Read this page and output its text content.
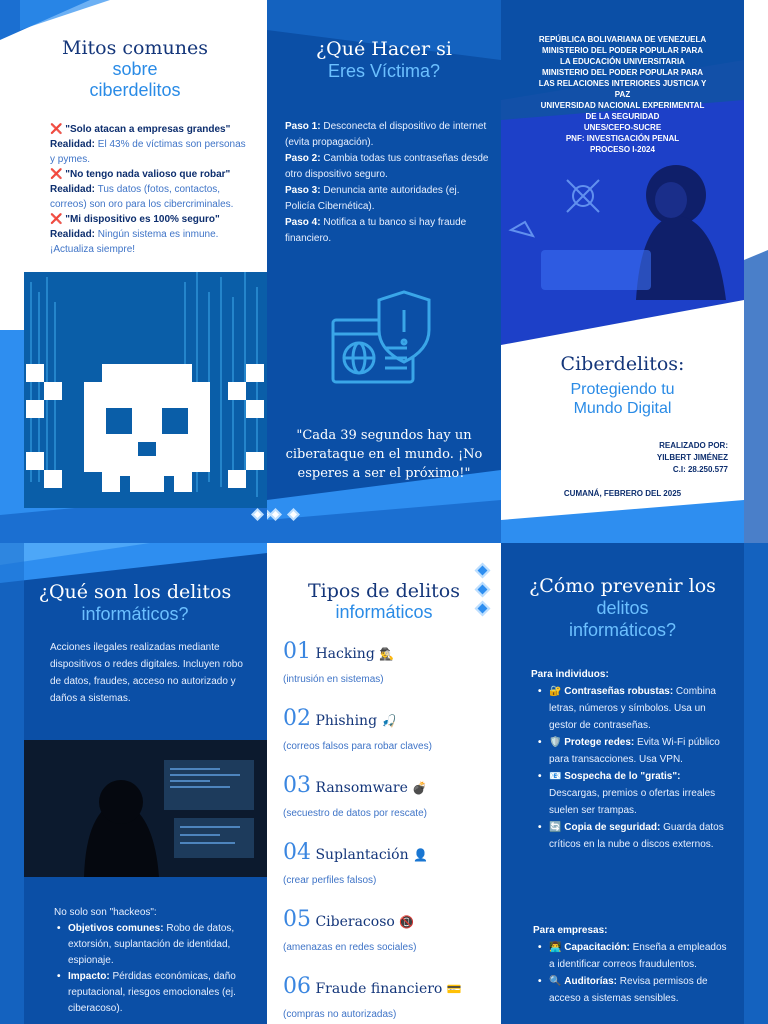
Mitos comunes
sobre
ciberdelitos
❌ "Solo atacan a empresas grandes"
Realidad: El 43% de víctimas son personas y pymes.
❌ "No tengo nada valioso que robar"
Realidad: Tus datos (fotos, contactos, correos) son oro para los cibercriminales.
❌ "Mi dispositivo es 100% seguro"
Realidad: Ningún sistema es inmune. ¡Actualiza siempre!
¿Qué Hacer si
Eres Víctima?
Paso 1: Desconecta el dispositivo de internet (evita propagación).
Paso 2: Cambia todas tus contraseñas desde otro dispositivo seguro.
Paso 3: Denuncia ante autoridades (ej. Policía Cibernética).
Paso 4: Notifica a tu banco si hay fraude financiero.
"Cada 39 segundos hay un ciberataque en el mundo. ¡No esperes a ser el próximo!"
REPÚBLICA BOLIVARIANA DE VENEZUELA
MINISTERIO DEL PODER POPULAR PARA
LA EDUCACIÓN UNIVERSITARIA
MINISTERIO DEL PODER POPULAR PARA
LAS RELACIONES INTERIORES JUSTICIA Y
PAZ
UNIVERSIDAD NACIONAL EXPERIMENTAL
DE LA SEGURIDAD
UNES/CEFO-SUCRE
PNF: INVESTIGACIÓN PENAL
PROCESO I-2024
Ciberdelitos:
Protegiendo tu
Mundo Digital
REALIZADO POR:
YILBERT JIMÉNEZ
C.I: 28.250.577
CUMANÁ, FEBRERO DEL 2025
¿Qué son los delitos
informáticos?
Acciones ilegales realizadas mediante dispositivos o redes digitales. Incluyen robo de datos, fraudes, acceso no autorizado y daños a sistemas.
No solo son "hackeos":
• Objetivos comunes: Robo de datos, extorsión, suplantación de identidad, espionaje.
• Impacto: Pérdidas económicas, daño reputacional, riesgos emocionales (ej. ciberacoso).
Tipos de delitos
informáticos
01 Hacking 🕵️‍♂️
(intrusión en sistemas)
02 Phishing 🎣
(correos falsos para robar claves)
03 Ransomware 💣
(secuestro de datos por rescate)
04 Suplantación 👤
(crear perfiles falsos)
05 Ciberacoso 📵
(amenazas en redes sociales)
06 Fraude financiero 💳
(compras no autorizadas)
¿Cómo prevenir los
delitos
informáticos?
Para individuos:
• 🔐 Contraseñas robustas: Combina letras, números y símbolos. Usa un gestor de contraseñas.
• 🛡️ Protege redes: Evita Wi-Fi público para transacciones. Usa VPN.
• 📧 Sospecha de lo "gratis": Descargas, premios o ofertas irreales suelen ser trampas.
• 🔄 Copia de seguridad: Guarda datos críticos en la nube o discos externos.
Para empresas:
• 👨‍💻 Capacitación: Enseña a empleados a identificar correos fraudulentos.
• 🔍 Auditorías: Revisa permisos de acceso a sistemas sensibles.
